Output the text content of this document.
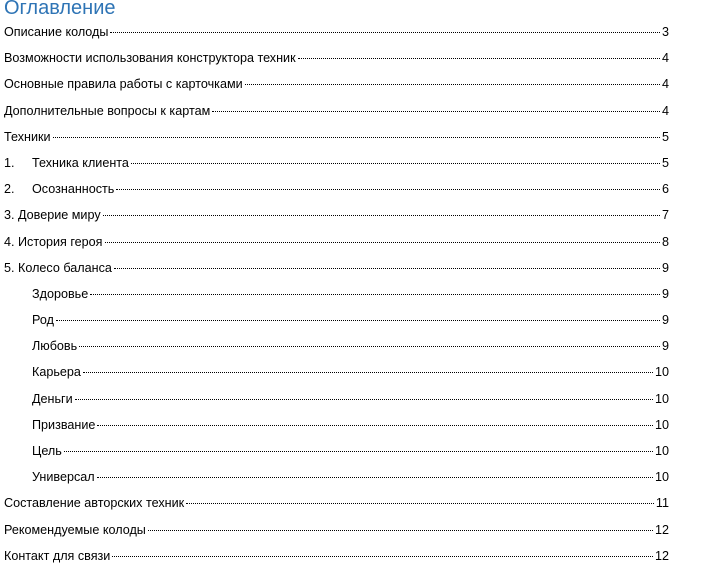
Оглавление
Описание колоды	3
Возможности использования конструктора техник	4
Основные правила работы с карточками	4
Дополнительные вопросы к картам	4
Техники	5
1.	Техника клиента	5
2.	Осознанность	6
3. Доверие миру	7
4. История героя	8
5. Колесо баланса	9
Здоровье	9
Род	9
Любовь	9
Карьера	10
Деньги	10
Призвание	10
Цель	10
Универсал	10
Составление авторских техник	11
Рекомендуемые колоды	12
Контакт для связи	12
